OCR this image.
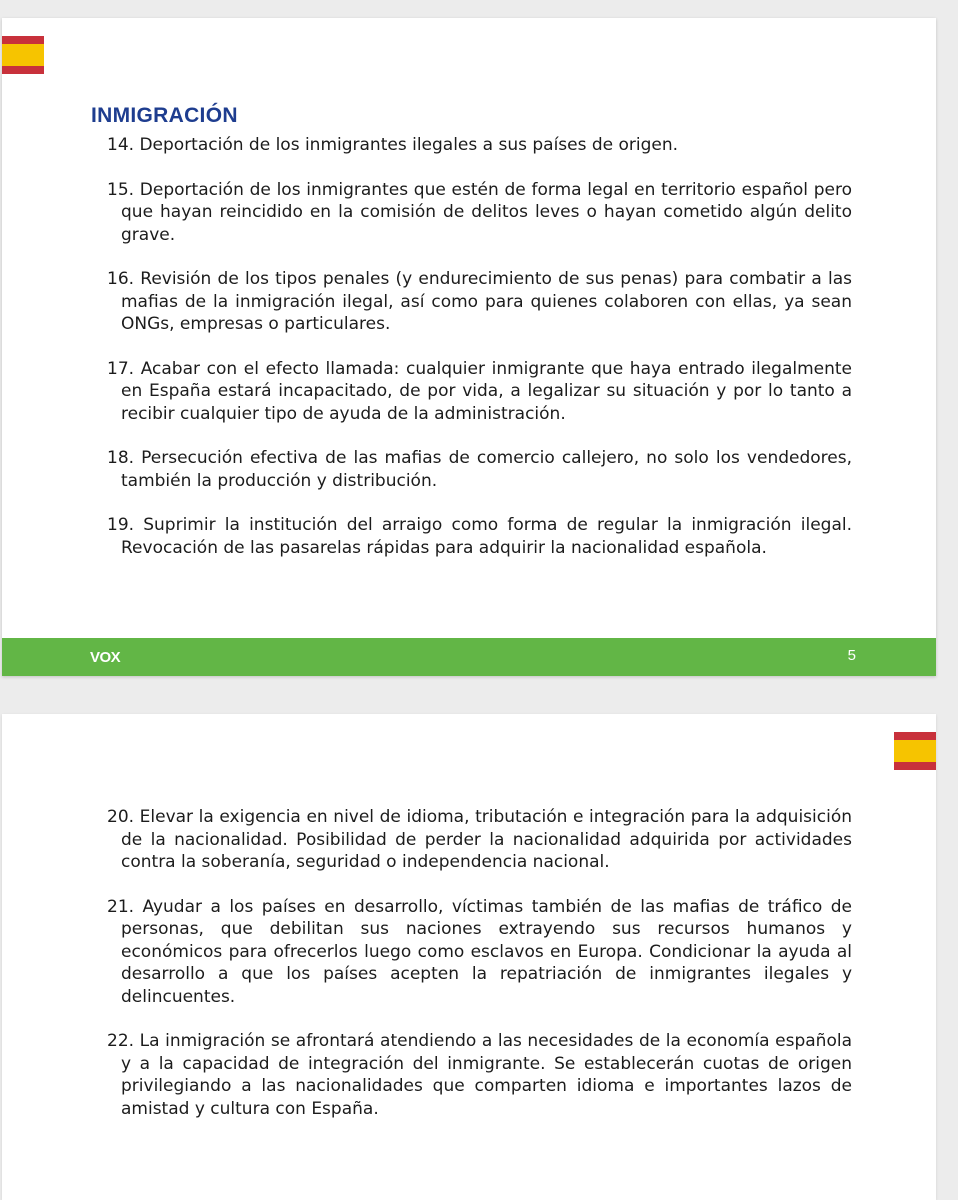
INMIGRACIÓN
14. Deportación de los inmigrantes ilegales a sus países de origen.
15. Deportación de los inmigrantes que estén de forma legal en territorio español pero que hayan reincidido en la comisión de delitos leves o hayan cometido algún delito grave.
16. Revisión de los tipos penales (y endurecimiento de sus penas) para combatir a las mafias de la inmigración ilegal, así como para quienes colaboren con ellas, ya sean ONGs, empresas o particulares.
17. Acabar con el efecto llamada: cualquier inmigrante que haya entrado ilegalmente en España estará incapacitado, de por vida, a legalizar su situación y por lo tanto a recibir cualquier tipo de ayuda de la administración.
18. Persecución efectiva de las mafias de comercio callejero, no solo los vendedores, también la producción y distribución.
19. Suprimir la institución del arraigo como forma de regular la inmigración ilegal. Revocación de las pasarelas rápidas para adquirir la nacionalidad española.
VOX	5
20. Elevar la exigencia en nivel de idioma, tributación e integración para la adquisición de la nacionalidad. Posibilidad de perder la nacionalidad adquirida por actividades contra la soberanía, seguridad o independencia nacional.
21. Ayudar a los países en desarrollo, víctimas también de las mafias de tráfico de personas, que debilitan sus naciones extrayendo sus recursos humanos y económicos para ofrecerlos luego como esclavos en Europa. Condicionar la ayuda al desarrollo a que los países acepten la repatriación de inmigrantes ilegales y delincuentes.
22. La inmigración se afrontará atendiendo a las necesidades de la economía española y a la capacidad de integración del inmigrante. Se establecerán cuotas de origen privilegiando a las nacionalidades que comparten idioma e importantes lazos de amistad y cultura con España.
